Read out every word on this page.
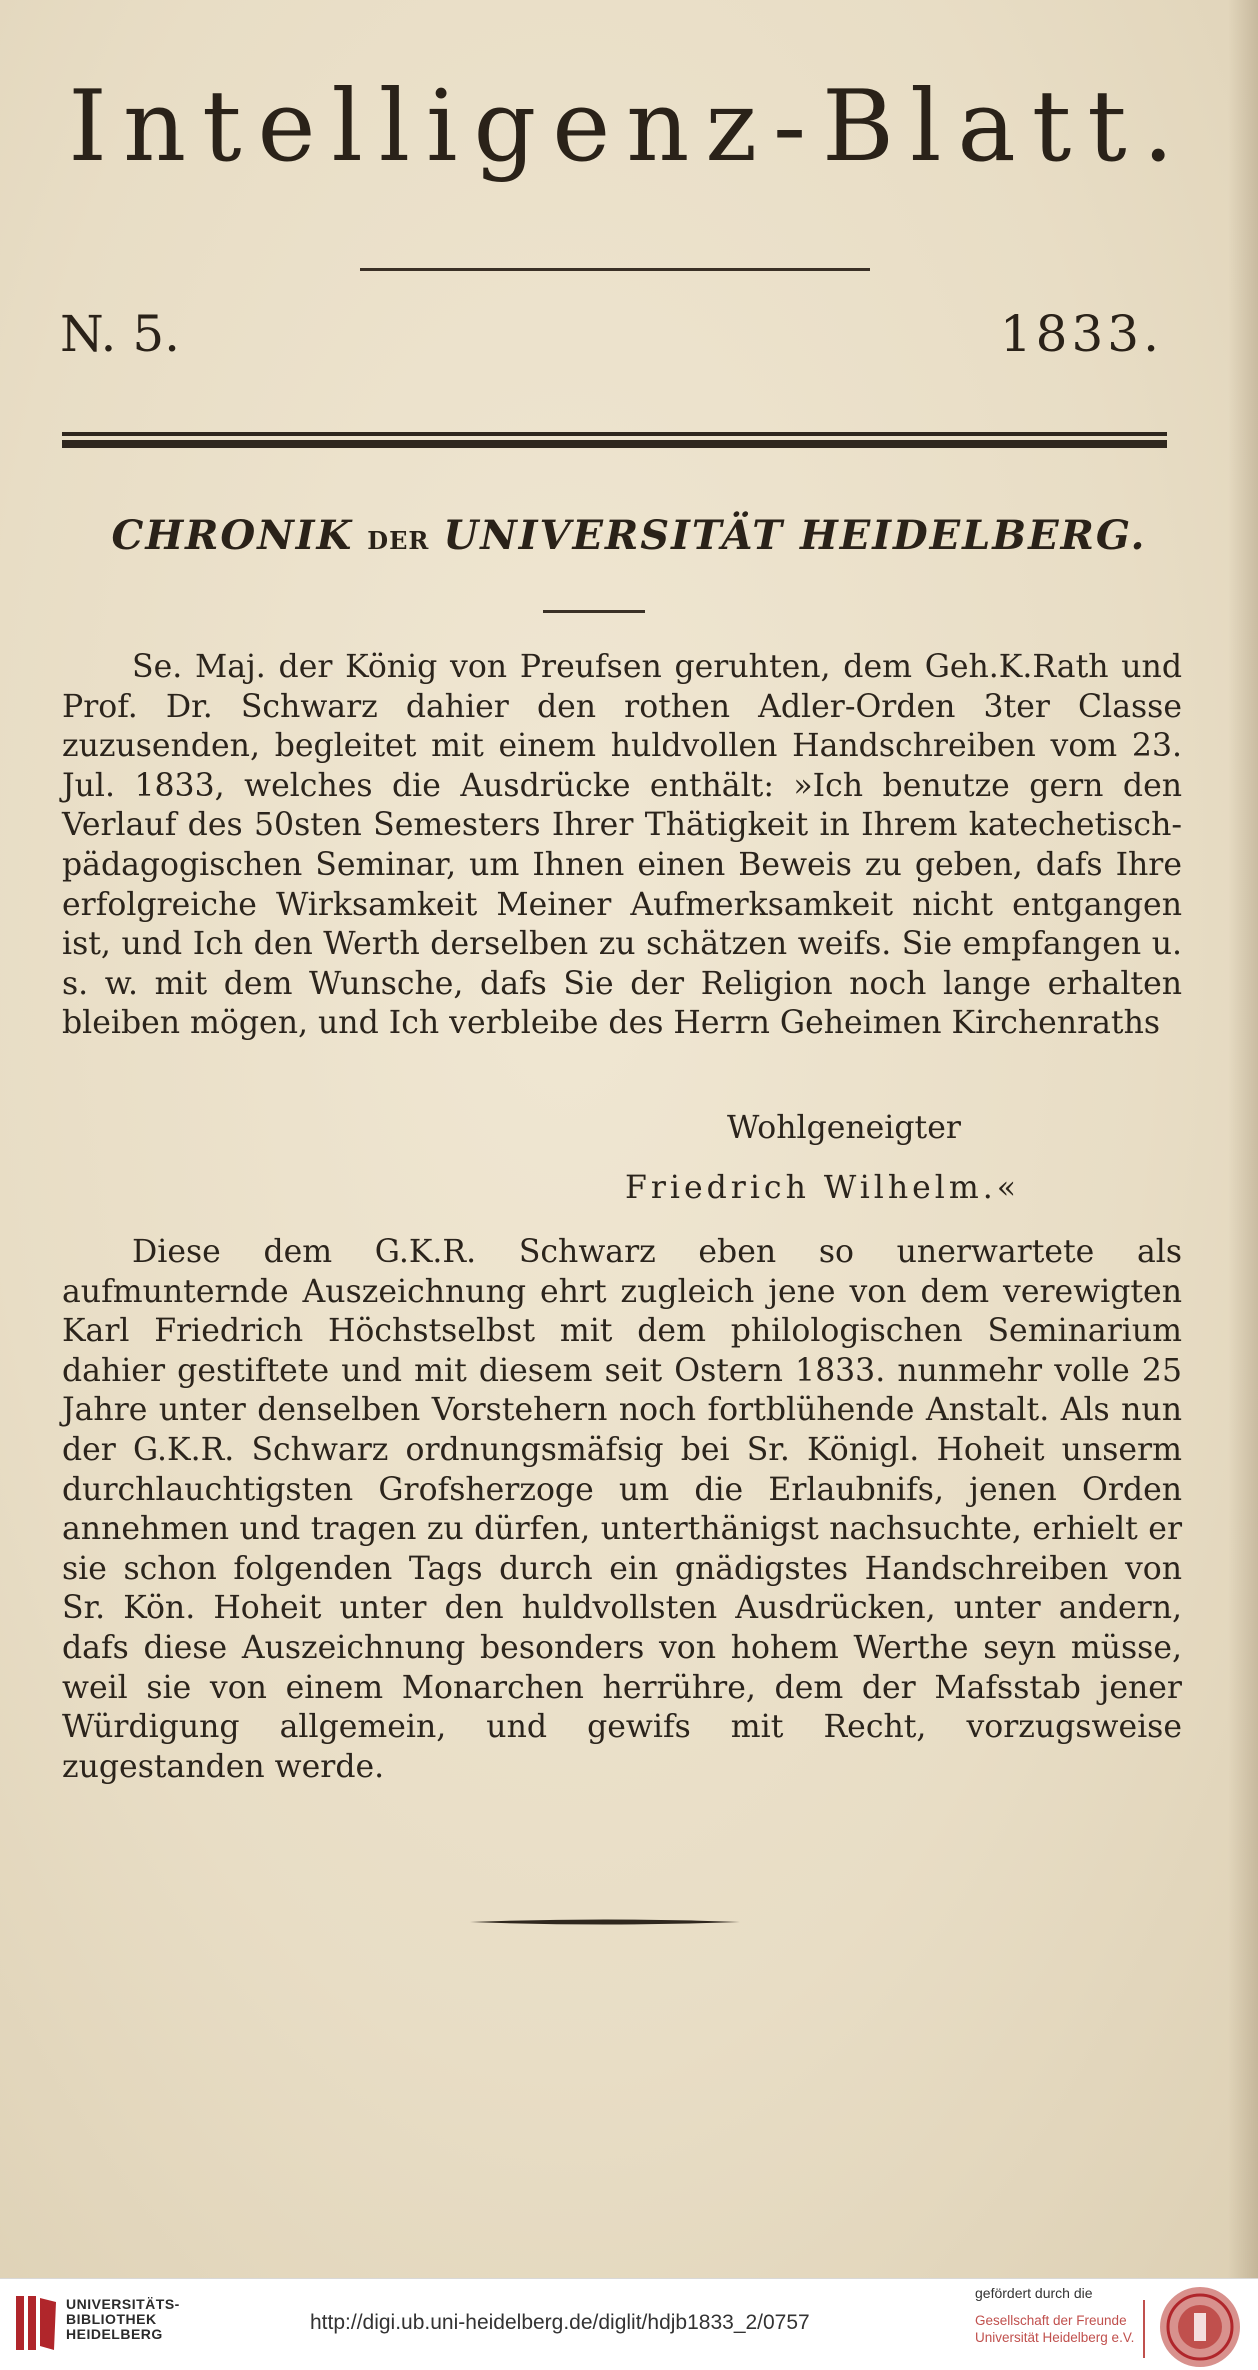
Intelligenz-Blatt.
N. 5.	1833.
CHRONIK DER UNIVERSITÄT HEIDELBERG.

Se. Maj. der König von Preufsen geruhten, dem Geh.K.Rath und Prof. Dr. Schwarz dahier den rothen Adler-Orden 3ter Classe zuzusenden, begleitet mit einem huldvollen Handschreiben vom 23. Jul. 1833, welches die Ausdrücke enthält: »Ich benutze gern den Verlauf des 50sten Semesters Ihrer Thätigkeit in Ihrem katechetisch-pädagogischen Seminar, um Ihnen einen Beweis zu geben, dafs Ihre erfolgreiche Wirksamkeit Meiner Aufmerksamkeit nicht entgangen ist, und Ich den Werth derselben zu schätzen weifs. Sie empfangen u. s. w. mit dem Wunsche, dafs Sie der Religion noch lange erhalten bleiben mögen, und Ich verbleibe des Herrn Geheimen Kirchenraths

Wohlgeneigter
Friedrich Wilhelm.«

Diese dem G.K.R. Schwarz eben so unerwartete als aufmunternde Auszeichnung ehrt zugleich jene von dem verewigten Karl Friedrich Höchstselbst mit dem philologischen Seminarium dahier gestiftete und mit diesem seit Ostern 1833. nunmehr volle 25 Jahre unter denselben Vorstehern noch fortblühende Anstalt. Als nun der G.K.R. Schwarz ordnungsmäfsig bei Sr. Königl. Hoheit unserm durchlauchtigsten Grofsherzoge um die Erlaubnifs, jenen Orden annehmen und tragen zu dürfen, unterthänigst nachsuchte, erhielt er sie schon folgenden Tags durch ein gnädigstes Handschreiben von Sr. Kön. Hoheit unter den huldvollsten Ausdrücken, unter andern, dafs diese Auszeichnung besonders von hohem Werthe seyn müsse, weil sie von einem Monarchen herrühre, dem der Mafsstab jener Würdigung allgemein, und gewifs mit Recht, vorzugsweise zugestanden werde.

UNIVERSITÄTS-
BIBLIOTHEK
HEIDELBERG	http://digi.ub.uni-heidelberg.de/diglit/hdjb1833_2/0757
gefördert durch die
Gesellschaft der Freunde
Universität Heidelberg e.V.
